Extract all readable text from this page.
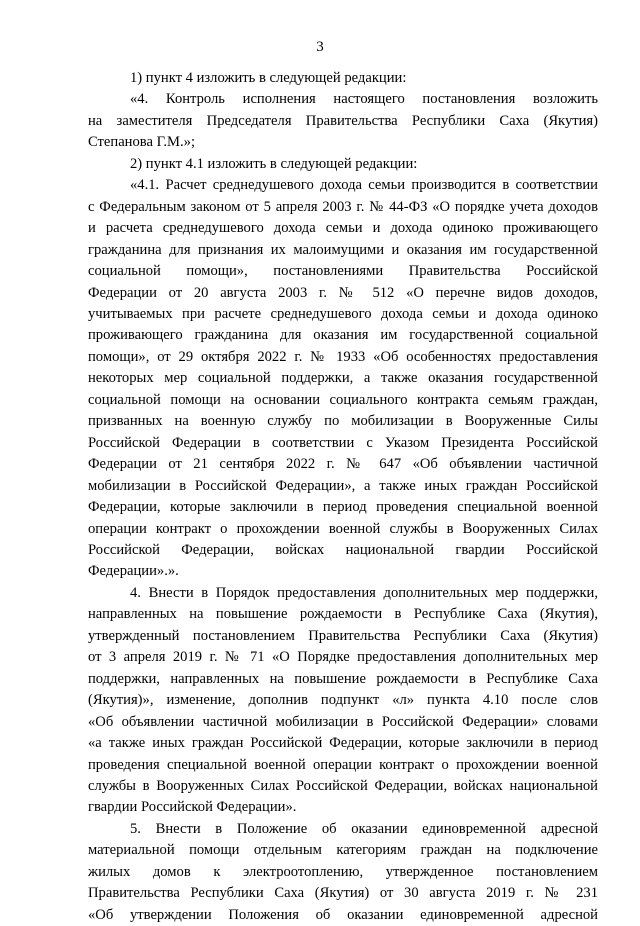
3
1) пункт 4 изложить в следующей редакции:
«4. Контроль исполнения настоящего постановления возложить
на заместителя Председателя Правительства Республики Саха (Якутия)
Степанова Г.М.»;
2) пункт 4.1 изложить в следующей редакции:
«4.1. Расчет среднедушевого дохода семьи производится в соответствии
с Федеральным законом от 5 апреля 2003 г. № 44-ФЗ «О порядке учета доходов
и расчета среднедушевого дохода семьи и дохода одиноко проживающего
гражданина для признания их малоимущими и оказания им государственной
социальной помощи», постановлениями Правительства Российской
Федерации от 20 августа 2003 г. № 512 «О перечне видов доходов,
учитываемых при расчете среднедушевого дохода семьи и дохода одиноко
проживающего гражданина для оказания им государственной социальной
помощи», от 29 октября 2022 г. № 1933 «Об особенностях предоставления
некоторых мер социальной поддержки, а также оказания государственной
социальной помощи на основании социального контракта семьям граждан,
призванных на военную службу по мобилизации в Вооруженные Силы
Российской Федерации в соответствии с Указом Президента Российской
Федерации от 21 сентября 2022 г. № 647 «Об объявлении частичной
мобилизации в Российской Федерации», а также иных граждан Российской
Федерации, которые заключили в период проведения специальной военной
операции контракт о прохождении военной службы в Вооруженных Силах
Российской Федерации, войсках национальной гвардии Российской
Федерации».».
4. Внести в Порядок предоставления дополнительных мер поддержки,
направленных на повышение рождаемости в Республике Саха (Якутия),
утвержденный постановлением Правительства Республики Саха (Якутия)
от 3 апреля 2019 г. № 71 «О Порядке предоставления дополнительных мер
поддержки, направленных на повышение рождаемости в Республике Саха
(Якутия)», изменение, дополнив подпункт «л» пункта 4.10 после слов
«Об объявлении частичной мобилизации в Российской Федерации» словами
«а также иных граждан Российской Федерации, которые заключили в период
проведения специальной военной операции контракт о прохождении военной
службы в Вооруженных Силах Российской Федерации, войсках национальной
гвардии Российской Федерации».
5. Внести в Положение об оказании единовременной адресной
материальной помощи отдельным категориям граждан на подключение
жилых домов к электроотоплению, утвержденное постановлением
Правительства Республики Саха (Якутия) от 30 августа 2019 г. № 231
«Об утверждении Положения об оказании единовременной адресной
